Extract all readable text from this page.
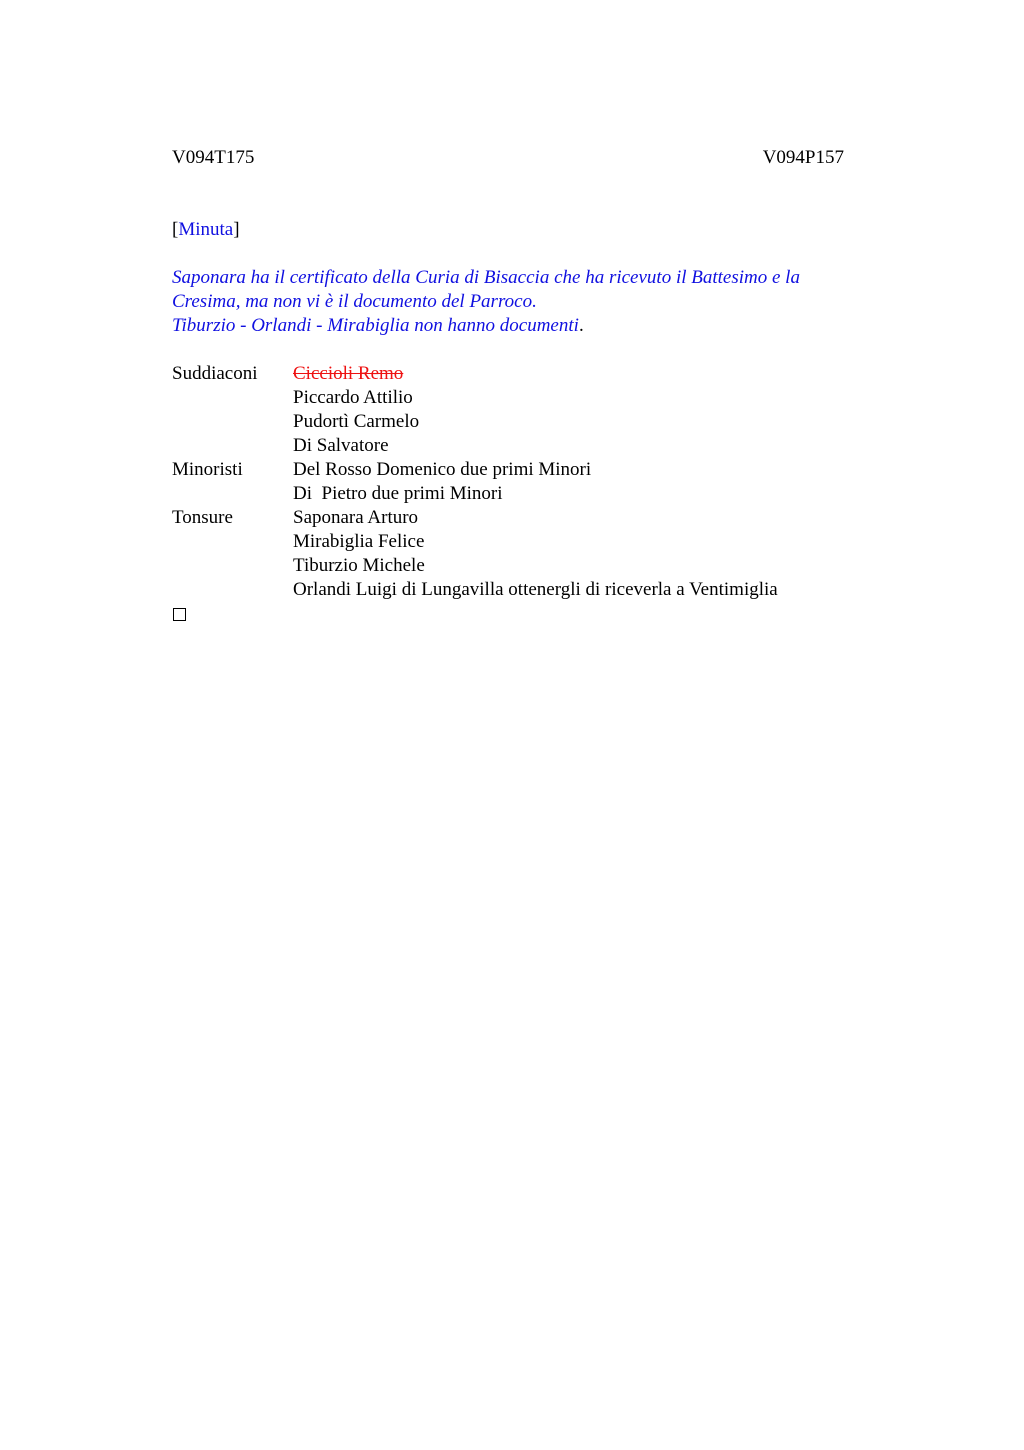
V094T175	V094P157
[Minuta]

Saponara ha il certificato della Curia di Bisaccia che ha ricevuto il Battesimo e la Cresima, ma non vi è il documento del Parroco.

Tiburzio - Orlandi - Mirabiglia non hanno documenti.

Suddiaconi	Ciccioli Remo
Piccardo Attilio
Pudortì Carmelo
Di Salvatore
Minoristi	Del Rosso Domenico due primi Minori
Di  Pietro due primi Minori
Tonsure	Saponara Arturo
Mirabiglia Felice
Tiburzio Michele
Orlandi Luigi di Lungavilla ottenergli di riceverla a Ventimiglia
